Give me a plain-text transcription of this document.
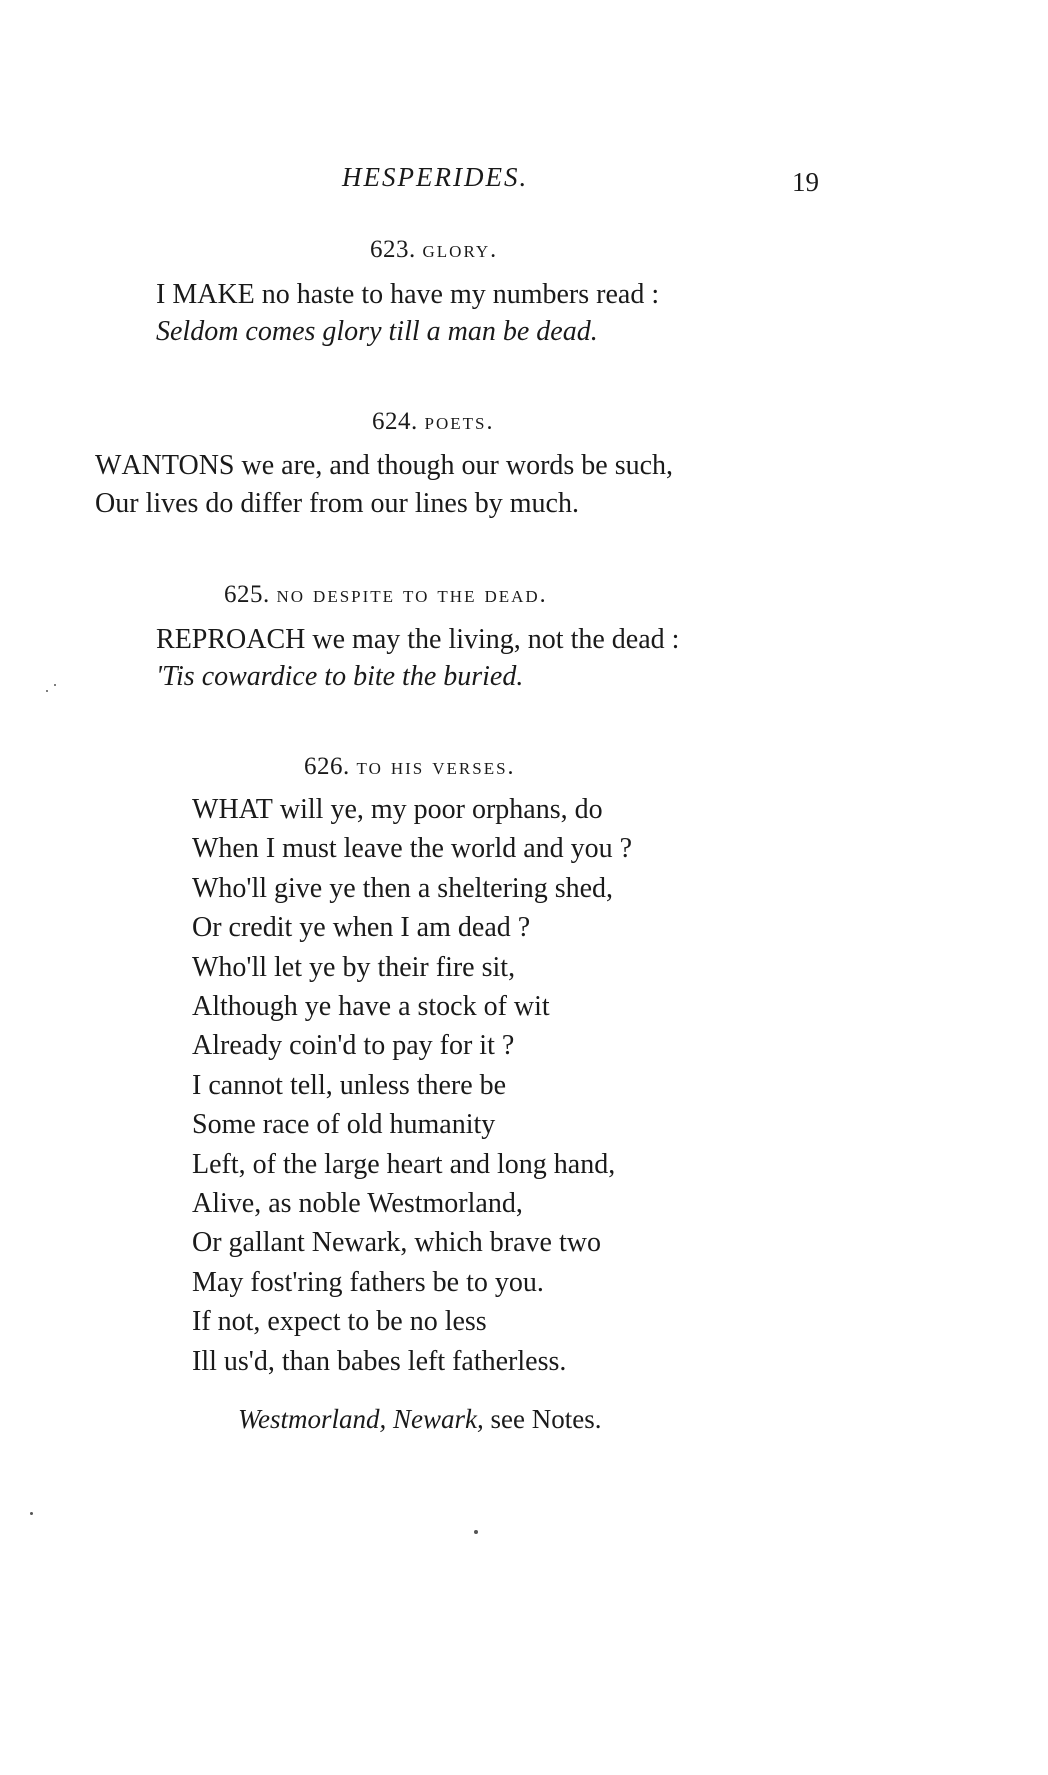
HESPERIDES.	19
623. glory.
I MAKE no haste to have my numbers read :
Seldom comes glory till a man be dead.
624. poets.
WANTONS we are, and though our words be such,
Our lives do differ from our lines by much.
625. no despite to the dead.
REPROACH we may the living, not the dead :
'Tis cowardice to bite the buried.
626. to his verses.
WHAT will ye, my poor orphans, do
When I must leave the world and you ?
Who'll give ye then a sheltering shed,
Or credit ye when I am dead ?
Who'll let ye by their fire sit,
Although ye have a stock of wit
Already coin'd to pay for it ?
I cannot tell, unless there be
Some race of old humanity
Left, of the large heart and long hand,
Alive, as noble Westmorland,
Or gallant Newark, which brave two
May fost'ring fathers be to you.
If not, expect to be no less
Ill us'd, than babes left fatherless.
Westmorland, Newark, see Notes.
